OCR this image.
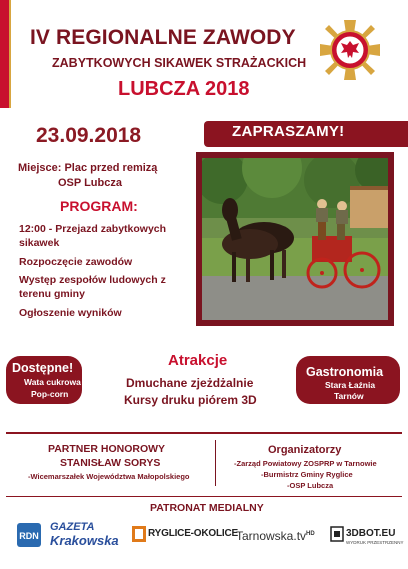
IV REGIONALNE ZAWODY
ZABYTKOWYCH SIKAWEK STRAŻACKICH
LUBCZA 2018
23.09.2018	ZAPRASZAMY!
Miejsce: Plac przed remizą
OSP Lubcza
PROGRAM:
12:00 - Przejazd zabytkowych sikawek
Rozpoczęcie zawodów
Występ zespołów ludowych z terenu gminy
Ogłoszenie wyników
Dostępne!
Wata cukrowa
Pop-corn
Atrakcje
Dmuchane zjeżdżalnie
Kursy druku piórem 3D
Gastronomia
Stara Łaźnia
Tarnów
PARTNER HONOROWY
STANISŁAW SORYS
-Wicemarszałek Województwa Małopolskiego
Organizatorzy
-Zarząd Powiatowy ZOSPRP w Tarnowie
-Burmistrz Gminy Ryglice
-OSP Lubcza
PATRONAT MEDIALNY
RDN
GAZETA
Krakowska	RYGLICE-OKOLICE
$Tarnowska.tv^{HD}$	3DBOT.EU
WYDRUK PRZESTRZENNY
